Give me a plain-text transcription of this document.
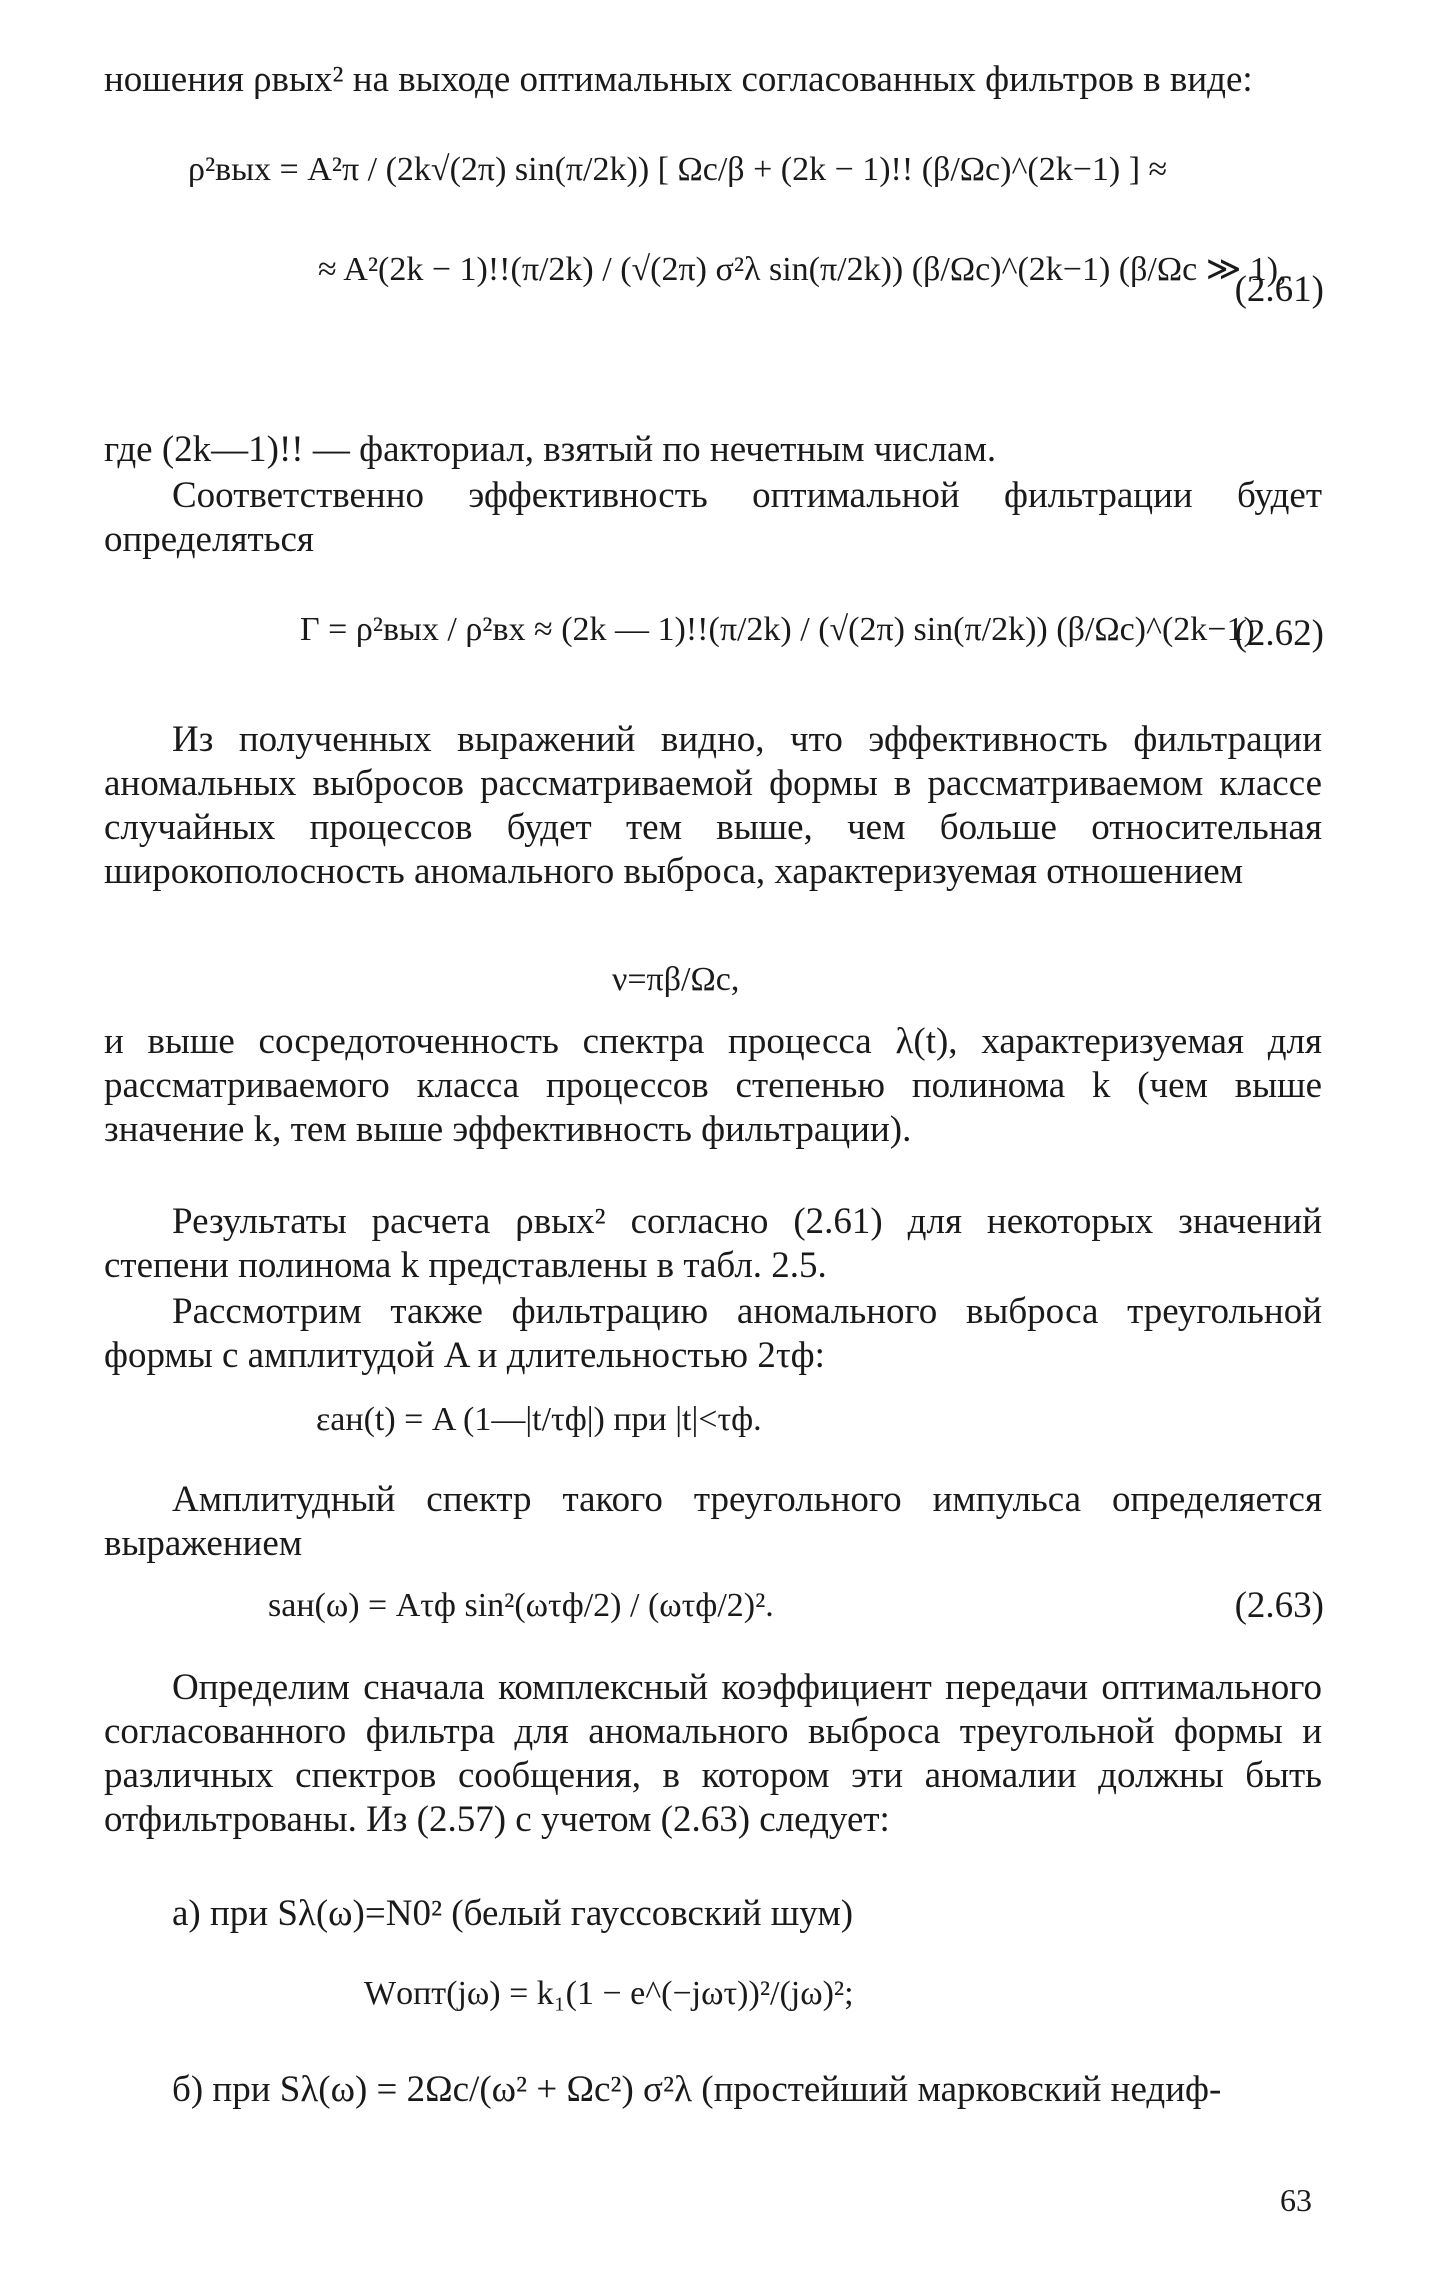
ношения ρвых² на выходе оптимальных согласованных фильтров в виде:
ρ²вых = A²π / (2k√(2π) sin(π/2k)) [ Ωc/β + (2k − 1)!! (β/Ωc)^(2k−1) ] ≈
≈ A²(2k − 1)!!(π/2k) / (√(2π) σ²λ sin(π/2k)) (β/Ωc)^(2k−1) (β/Ωc ≫ 1),
(2.61)
где (2k—1)!! — факториал, взятый по нечетным числам.
Соответственно эффективность оптимальной фильтрации будет определяться
Г = ρ²вых / ρ²вх ≈ (2k — 1)!!(π/2k) / (√(2π) sin(π/2k)) (β/Ωc)^(2k−1)
(2.62)
Из полученных выражений видно, что эффективность фильтрации аномальных выбросов рассматриваемой формы в рассматриваемом классе случайных процессов будет тем выше, чем больше относительная широкополосность аномального выброса, характеризуемая отношением
ν=πβ/Ωc,
и выше сосредоточенность спектра процесса λ(t), характеризуемая для рассматриваемого класса процессов степенью полинома k (чем выше значение k, тем выше эффективность фильтрации).
Результаты расчета ρвых² согласно (2.61) для некоторых значений степени полинома k представлены в табл. 2.5.
Рассмотрим также фильтрацию аномального выброса треугольной формы с амплитудой A и длительностью 2τф:
εан(t) = A (1—|t/τф|) при |t|<τф.
Амплитудный спектр такого треугольного импульса определяется выражением
sан(ω) = Aτф sin²(ωτф/2) / (ωτф/2)².	(2.63)
Определим сначала комплексный коэффициент передачи оптимального согласованного фильтра для аномального выброса треугольной формы и различных спектров сообщения, в котором эти аномалии должны быть отфильтрованы. Из (2.57) с учетом (2.63) следует:
а) при Sλ(ω)=N0² (белый гауссовский шум)
Wопт(jω) = k₁(1 − e^(−jωτ))²/(jω)²;
б) при Sλ(ω) = 2Ωc/(ω² + Ωc²) σ²λ (простейший марковский недиф-
63
